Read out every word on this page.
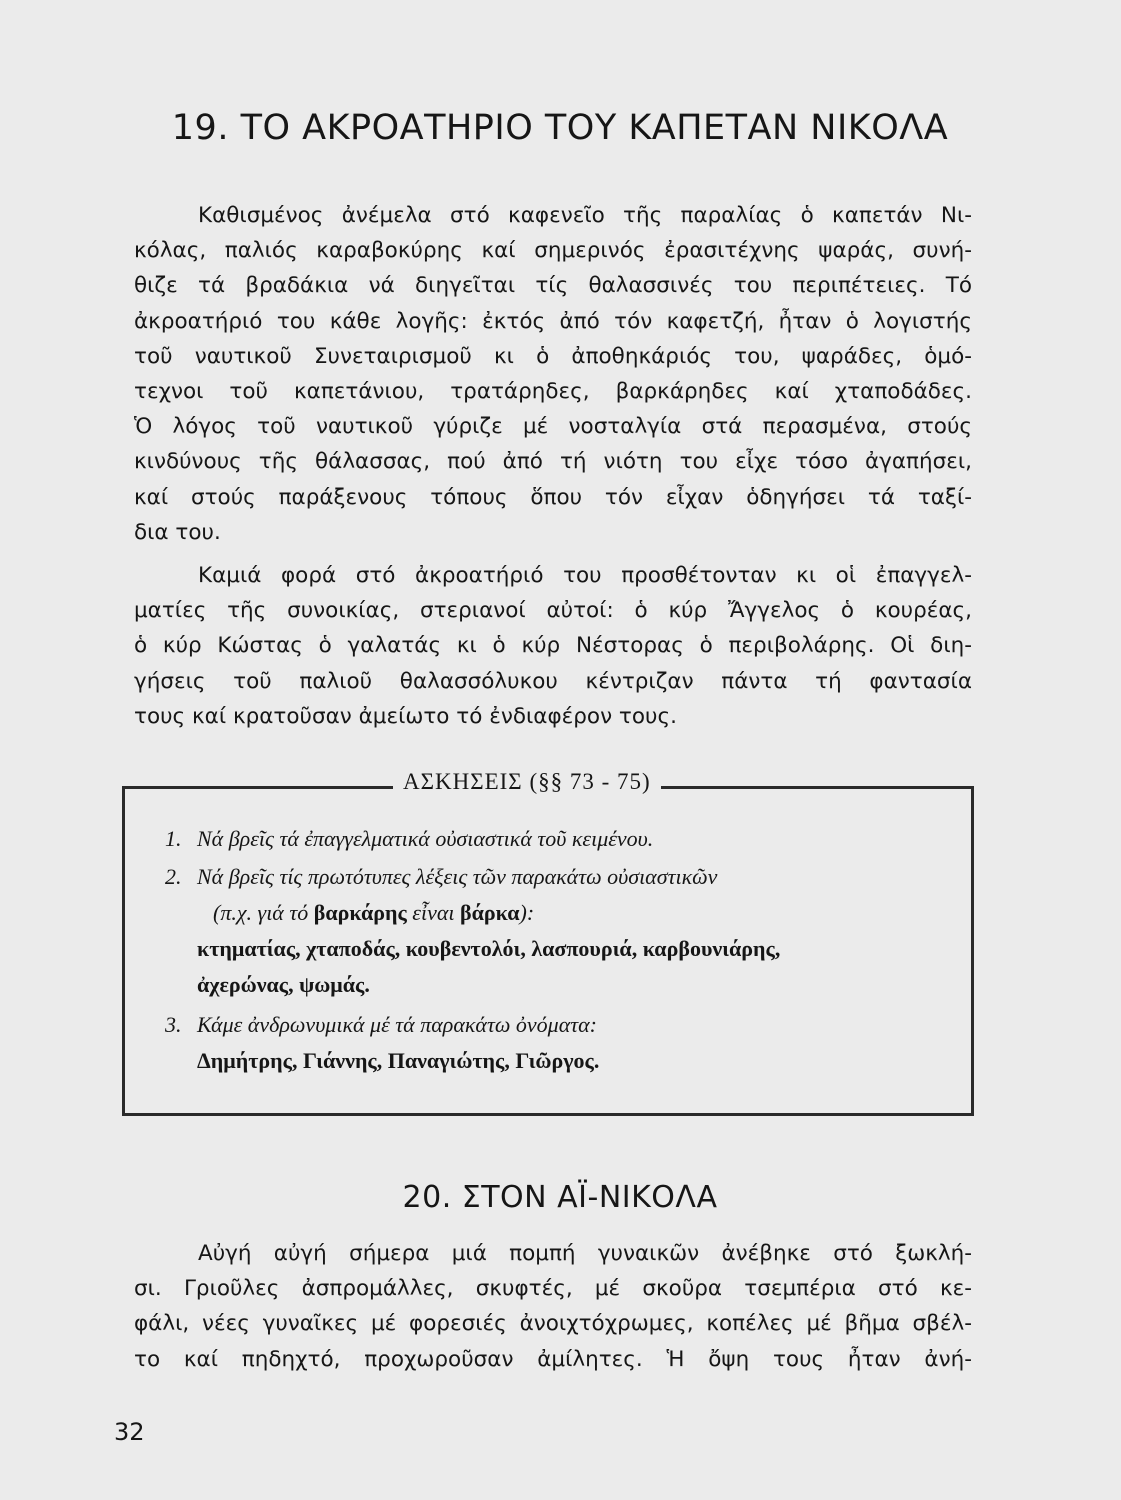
19. ΤΟ ΑΚΡΟΑΤΗΡΙΟ ΤΟΥ ΚΑΠΕΤΑΝ ΝΙΚΟΛΑ
Καθισμένος ἀνέμελα στό καφενεῖο τῆς παραλίας ὁ καπετάν Νι-
κόλας, παλιός καραβοκύρης καί σημερινός ἐρασιτέχνης ψαράς, συνή-
θιζε τά βραδάκια νά διηγεῖται τίς θαλασσινές του περιπέτειες. Τό
ἀκροατήριό του κάθε λογῆς: ἐκτός ἀπό τόν καφετζή, ἦταν ὁ λογιστής
τοῦ ναυτικοῦ Συνεταιρισμοῦ κι ὁ ἀποθηκάριός του, ψαράδες, ὁμό-
τεχνοι τοῦ καπετάνιου, τρατάρηδες, βαρκάρηδες καί χταποδάδες.
Ὁ λόγος τοῦ ναυτικοῦ γύριζε μέ νοσταλγία στά περασμένα, στούς
κινδύνους τῆς θάλασσας, πού ἀπό τή νιότη του εἶχε τόσο ἀγαπήσει,
καί στούς παράξενους τόπους ὅπου τόν εἶχαν ὁδηγήσει τά ταξί-
δια του.
Καμιά φορά στό ἀκροατήριό του προσθέτονταν κι οἱ ἐπαγγελ-
ματίες τῆς συνοικίας, στεριανοί αὐτοί: ὁ κύρ Ἄγγελος ὁ κουρέας,
ὁ κύρ Κώστας ὁ γαλατάς κι ὁ κύρ Νέστορας ὁ περιβολάρης. Οἱ διη-
γήσεις τοῦ παλιοῦ θαλασσόλυκου κέντριζαν πάντα τή φαντασία
τους καί κρατοῦσαν ἀμείωτο τό ἐνδιαφέρον τους.
ΑΣΚΗΣΕΙΣ (§§ 73 - 75)
1. Νά βρεῖς τά ἐπαγγελματικά οὐσιαστικά τοῦ κειμένου.
2. Νά βρεῖς τίς πρωτότυπες λέξεις τῶν παρακάτω οὐσιαστικῶν
(π.χ. γιά τό βαρκάρης εἶναι βάρκα):
κτηματίας, χταποδάς, κουβεντολόι, λασπουριά, καρβουνιάρης,
ἀχερώνας, ψωμάς.
3. Κάμε ἀνδρωνυμικά μέ τά παρακάτω ὀνόματα:
Δημήτρης, Γιάννης, Παναγιώτης, Γιῶργος.
20. ΣΤΟΝ ΑΪ-ΝΙΚΟΛΑ
Αὐγή αὐγή σήμερα μιά πομπή γυναικῶν ἀνέβηκε στό ξωκλή-
σι. Γριοῦλες ἀσπρομάλλες, σκυφτές, μέ σκοῦρα τσεμπέρια στό κε-
φάλι, νέες γυναῖκες μέ φορεσιές ἀνοιχτόχρωμες, κοπέλες μέ βῆμα σβέλ-
το καί πηδηχτό, προχωροῦσαν ἀμίλητες. Ἡ ὄψη τους ἦταν ἀνή-
32
